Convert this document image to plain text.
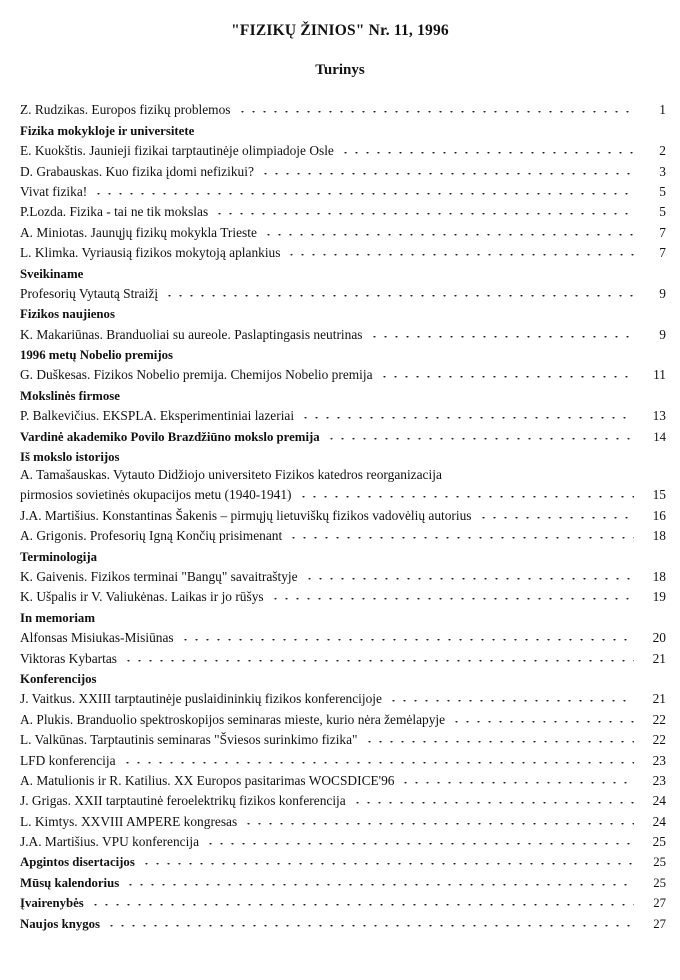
"FIZIKŲ ŽINIOS" Nr. 11, 1996
Turinys
Z. Rudzikas. Europos fizikų problemos	1
Fizika mokykloje ir universitete
E. Kuokštis. Jaunieji fizikai tarptautinėje olimpiadoje Osle	2
D. Grabauskas. Kuo fizika įdomi nefizikui?	3
Vivat fizika!	5
P.Lozda. Fizika - tai ne tik mokslas	5
A. Miniotas. Jaunųjų fizikų mokykla Trieste	7
L. Klimka. Vyriausią fizikos mokytoją aplankius	7
Sveikiname
Profesorių Vytautą Straižį	9
Fizikos naujienos
K. Makariūnas. Branduoliai su aureole. Paslaptingasis neutrinas	9
1996 metų Nobelio premijos
G. Duškesas. Fizikos Nobelio premija. Chemijos Nobelio premija	11
Mokslinės firmose
P. Balkevičius. EKSPLA. Eksperimentiniai lazeriai	13
Vardinė akademiko Povilo Brazdžiūno mokslo premija	14
Iš mokslo istorijos
A. Tamašauskas. Vytauto Didžiojo universiteto Fizikos katedros reorganizacija
pirmosios sovietinės okupacijos metu (1940-1941)	15
J.A. Martišius. Konstantinas Šakenis – pirmųjų lietuviškų fizikos vadovėlių autorius	16
A. Grigonis. Profesorių Igną Končių prisimenant	18
Terminologija
K. Gaivenis. Fizikos terminai "Bangų" savaitraštyje	18
K. Ušpalis ir V. Valiukėnas. Laikas ir jo rūšys	19
In memoriam
Alfonsas Misiukas-Misiūnas	20
Viktoras Kybartas	21
Konferencijos
J. Vaitkus. XXIII tarptautinėje puslaidininkių fizikos konferencijoje	21
A. Plukis. Branduolio spektroskopijos seminaras mieste, kurio nėra žemėlapyje	22
L. Valkūnas. Tarptautinis seminaras "Šviesos surinkimo fizika"	22
LFD konferencija	23
A. Matulionis ir R. Katilius. XX Europos pasitarimas WOCSDICE'96	23
J. Grigas. XXII tarptautinė feroelektrikų fizikos konferencija	24
L. Kimtys. XXVIII AMPERE kongresas	24
J.A. Martišius. VPU konferencija	25
Apgintos disertacijos	25
Mūsų kalendorius	25
Įvairenybės	27
Naujos knygos	27
